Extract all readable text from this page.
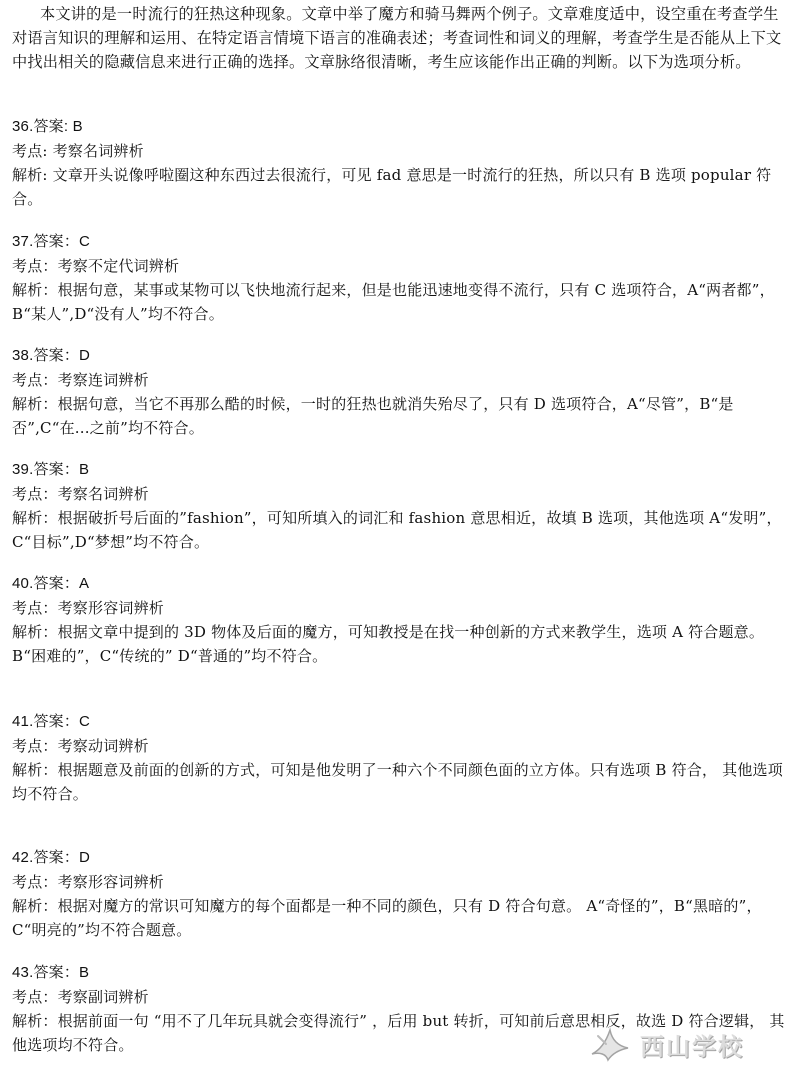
本文讲的是一时流行的狂热这种现象。文章中举了魔方和骑马舞两个例子。文章难度适中，设空重在考查学生对语言知识的理解和运用、在特定语言情境下语言的准确表述；考查词性和词义的理解，考查学生是否能从上下文中找出相关的隐藏信息来进行正确的选择。文章脉络很清晰，考生应该能作出正确的判断。以下为选项分析。

36.答案: B

考点: 考察名词辨析

解析: 文章开头说像呼啦圈这种东西过去很流行，可见 fad 意思是一时流行的狂热，所以只有 B 选项 popular 符合。

37.答案：C

考点：考察不定代词辨析

解析：根据句意，某事或某物可以飞快地流行起来，但是也能迅速地变得不流行，只有 C 选项符合，A“两者都”，B“某人”,D“没有人”均不符合。

38.答案：D

考点：考察连词辨析

解析：根据句意，当它不再那么酷的时候，一时的狂热也就消失殆尽了，只有 D 选项符合，A“尽管”，B“是否”,C“在...之前”均不符合。

39.答案：B

考点：考察名词辨析

解析：根据破折号后面的”fashion”，可知所填入的词汇和 fashion 意思相近，故填 B 选项，其他选项 A“发明”，C“目标”,D“梦想”均不符合。

40.答案：A

考点：考察形容词辨析

解析：根据文章中提到的 3D 物体及后面的魔方，可知教授是在找一种创新的方式来教学生，选项 A 符合题意。B“困难的”，C“传统的” D“普通的”均不符合。

41.答案：C

考点：考察动词辨析

解析：根据题意及前面的创新的方式，可知是他发明了一种六个不同颜色面的立方体。只有选项 B 符合， 其他选项均不符合。

42.答案：D

考点：考察形容词辨析

解析：根据对魔方的常识可知魔方的每个面都是一种不同的颜色，只有 D 符合句意。 A“奇怪的”，B“黑暗的”，C“明亮的”均不符合题意。

43.答案：B

考点：考察副词辨析

解析：根据前面一句 “用不了几年玩具就会变得流行” ，后用 but 转折，可知前后意思相反，故选 D 符合逻辑， 其他选项均不符合。	西山学校
